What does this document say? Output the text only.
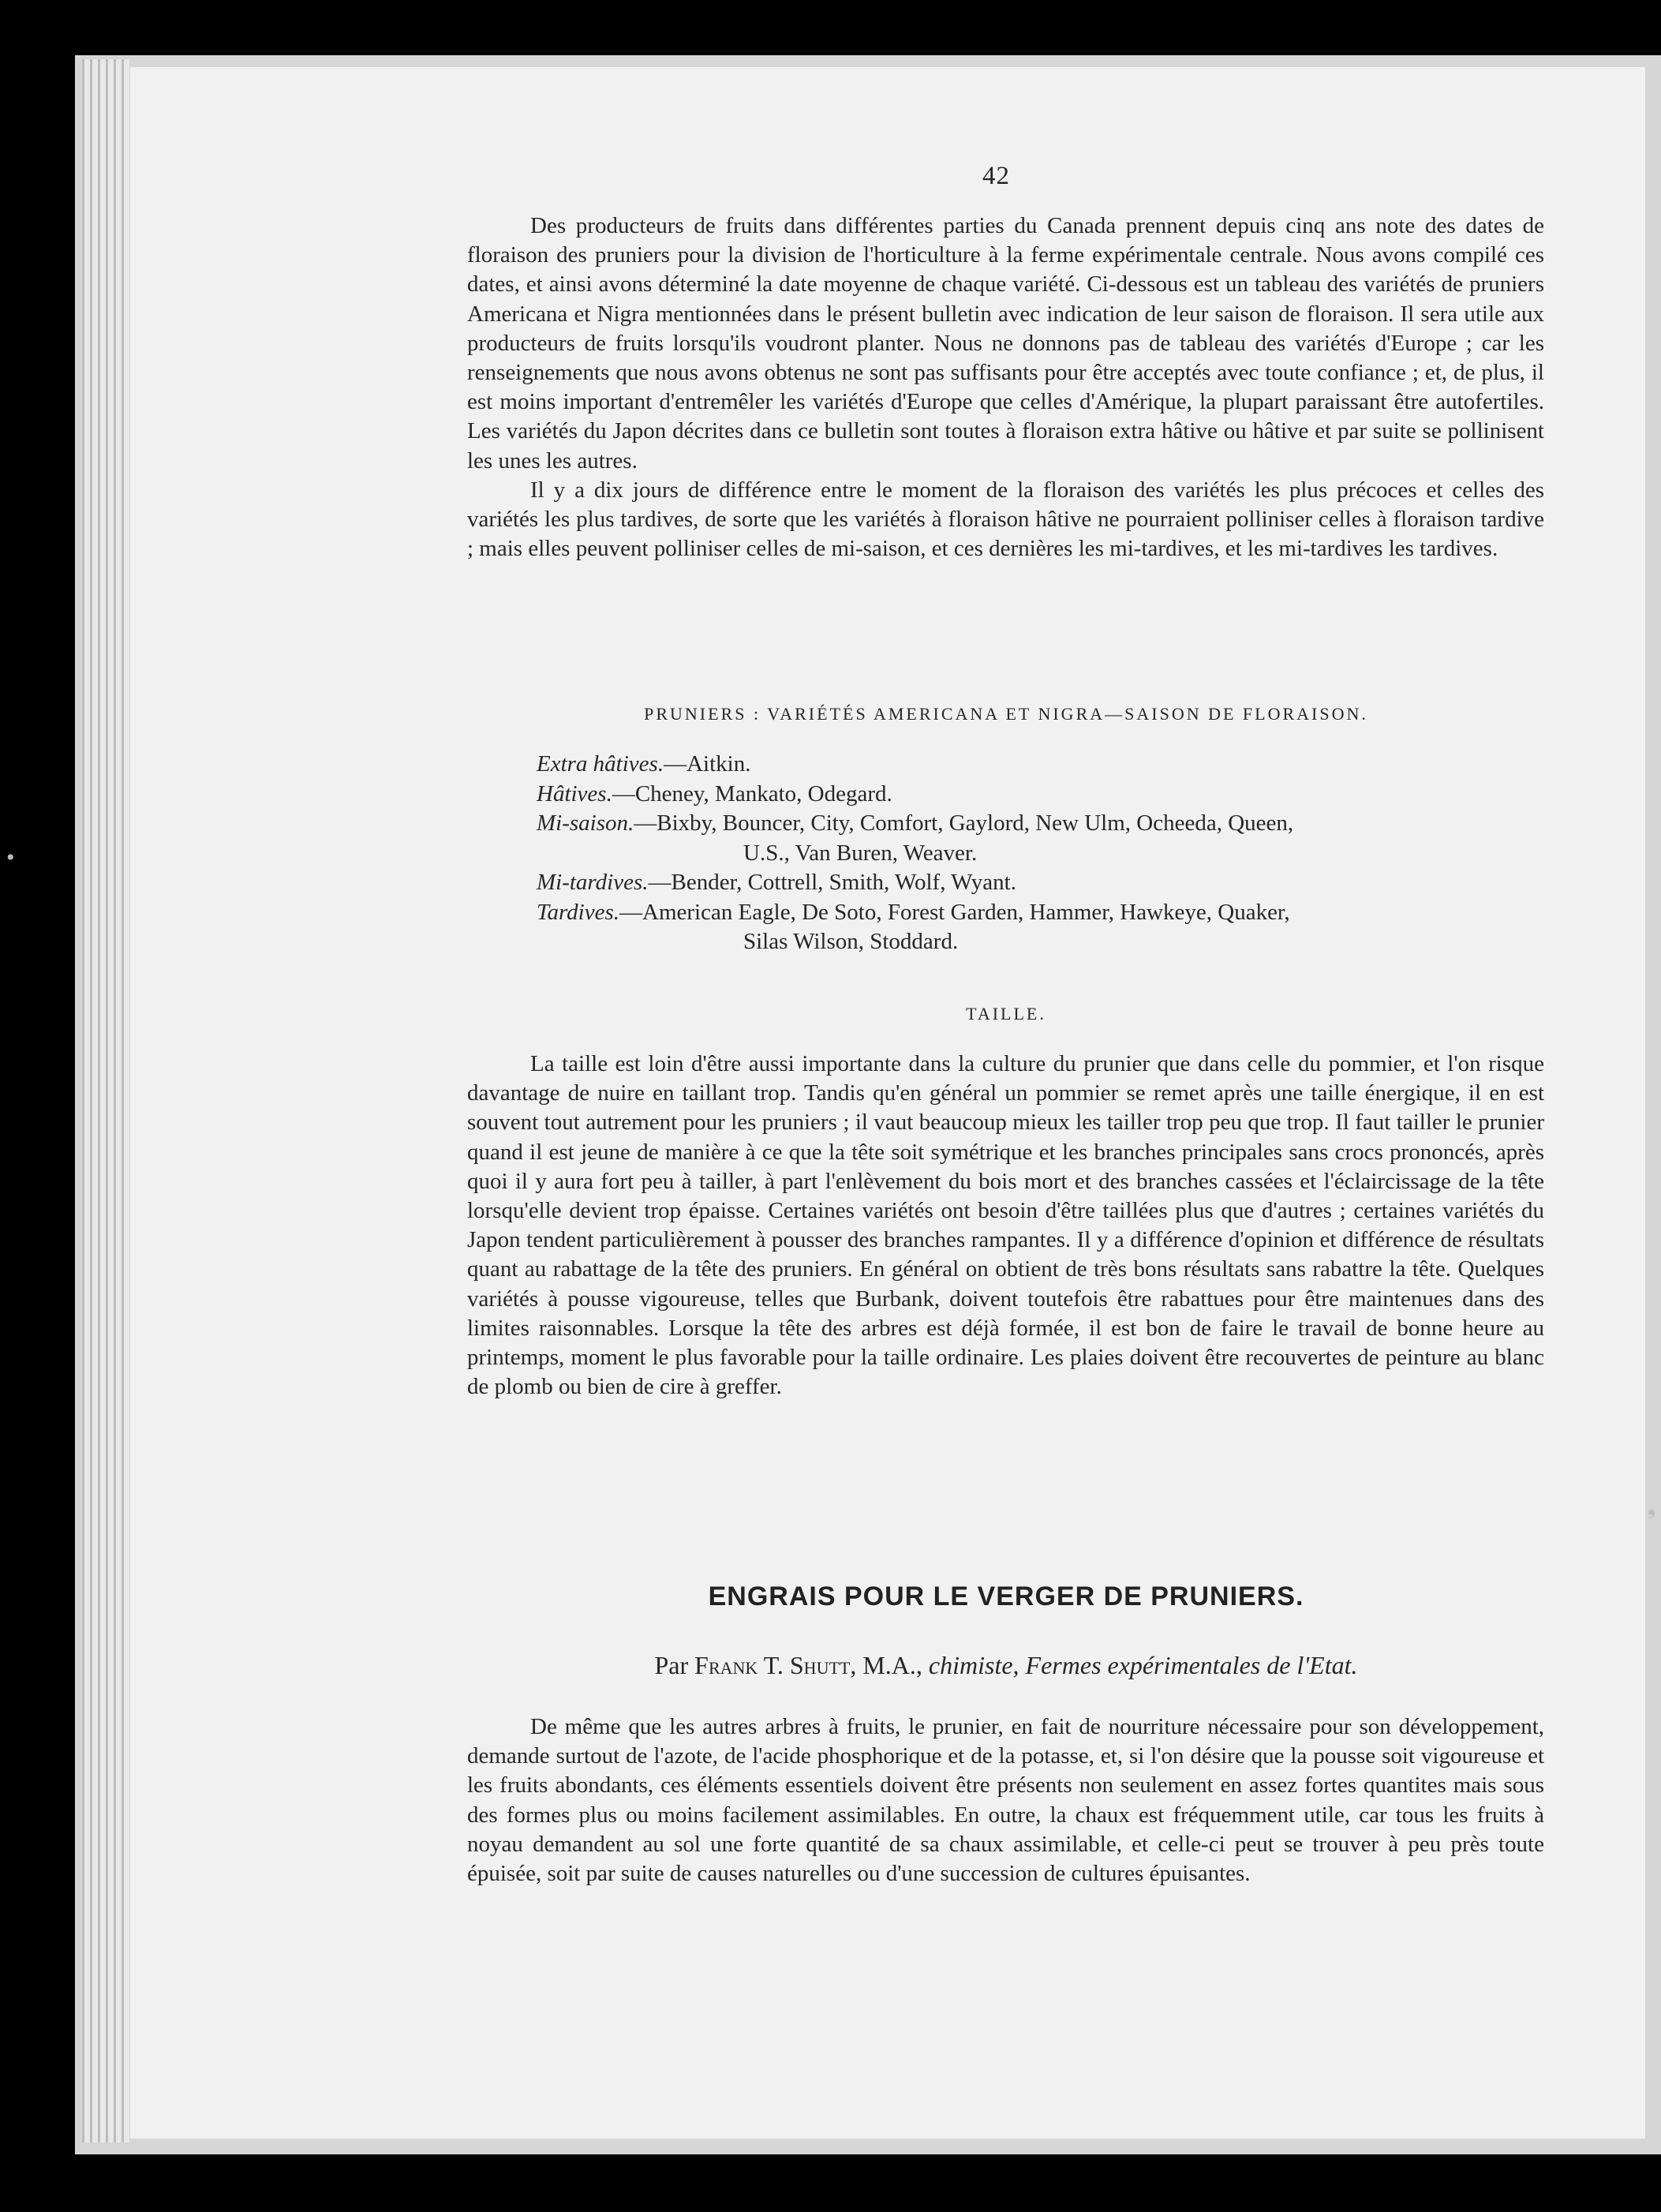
42

Des producteurs de fruits dans différentes parties du Canada prennent depuis cinq ans note des dates de floraison des pruniers pour la division de l'horticulture à la ferme expérimentale centrale. Nous avons compilé ces dates, et ainsi avons déterminé la date moyenne de chaque variété. Ci-dessous est un tableau des variétés de pruniers Americana et Nigra mentionnées dans le présent bulletin avec indication de leur saison de floraison. Il sera utile aux producteurs de fruits lorsqu'ils voudront planter. Nous ne donnons pas de tableau des variétés d'Europe ; car les renseignements que nous avons obtenus ne sont pas suffisants pour être acceptés avec toute confiance ; et, de plus, il est moins important d'entremêler les variétés d'Europe que celles d'Amérique, la plupart paraissant être autofertiles. Les variétés du Japon décrites dans ce bulletin sont toutes à floraison extra hâtive ou hâtive et par suite se pollinisent les unes les autres.

Il y a dix jours de différence entre le moment de la floraison des variétés les plus précoces et celles des variétés les plus tardives, de sorte que les variétés à floraison hâtive ne pourraient polliniser celles à floraison tardive ; mais elles peuvent polliniser celles de mi-saison, et ces dernières les mi-tardives, et les mi-tardives les tardives.

PRUNIERS : VARIÉTÉS AMERICANA ET NIGRA—SAISON DE FLORAISON.
Extra hâtives. —Aitkin.
Hâtives. —Cheney, Mankato, Odegard.
Mi-saison. —Bixby, Bouncer, City, Comfort, Gaylord, New Ulm, Ocheeda, Queen,
U.S., Van Buren, Weaver.
Mi-tardives. —Bender, Cottrell, Smith, Wolf, Wyant.
Tardives. —American Eagle, De Soto, Forest Garden, Hammer, Hawkeye, Quaker,
Silas Wilson, Stoddard.
TAILLE.

La taille est loin d'être aussi importante dans la culture du prunier que dans celle du pommier, et l'on risque davantage de nuire en taillant trop. Tandis qu'en général un pommier se remet après une taille énergique, il en est souvent tout autrement pour les pruniers ; il vaut beaucoup mieux les tailler trop peu que trop. Il faut tailler le prunier quand il est jeune de manière à ce que la tête soit symétrique et les branches principales sans crocs prononcés, après quoi il y aura fort peu à tailler, à part l'enlèvement du bois mort et des branches cassées et l'éclaircissage de la tête lorsqu'elle devient trop épaisse. Certaines variétés ont besoin d'être taillées plus que d'autres ; certaines variétés du Japon tendent particulièrement à pousser des branches rampantes. Il y a différence d'opinion et différence de résultats quant au rabattage de la tête des pruniers. En général on obtient de très bons résultats sans rabattre la tête. Quelques variétés à pousse vigoureuse, telles que Burbank, doivent toutefois être rabattues pour être maintenues dans des limites raisonnables. Lorsque la tête des arbres est déjà formée, il est bon de faire le travail de bonne heure au printemps, moment le plus favorable pour la taille ordinaire. Les plaies doivent être recouvertes de peinture au blanc de plomb ou bien de cire à greffer.

ENGRAIS POUR LE VERGER DE PRUNIERS.
Par Frank T. Shutt, M.A., chimiste, Fermes expérimentales de l'Etat.

De même que les autres arbres à fruits, le prunier, en fait de nourriture nécessaire pour son développement, demande surtout de l'azote, de l'acide phosphorique et de la potasse, et, si l'on désire que la pousse soit vigoureuse et les fruits abondants, ces éléments essentiels doivent être présents non seulement en assez fortes quantites mais sous des formes plus ou moins facilement assimilables. En outre, la chaux est fréquemment utile, car tous les fruits à noyau demandent au sol une forte quantité de sa chaux assimilable, et celle-ci peut se trouver à peu près toute épuisée, soit par suite de causes naturelles ou d'une succession de cultures épuisantes.

•
❟
